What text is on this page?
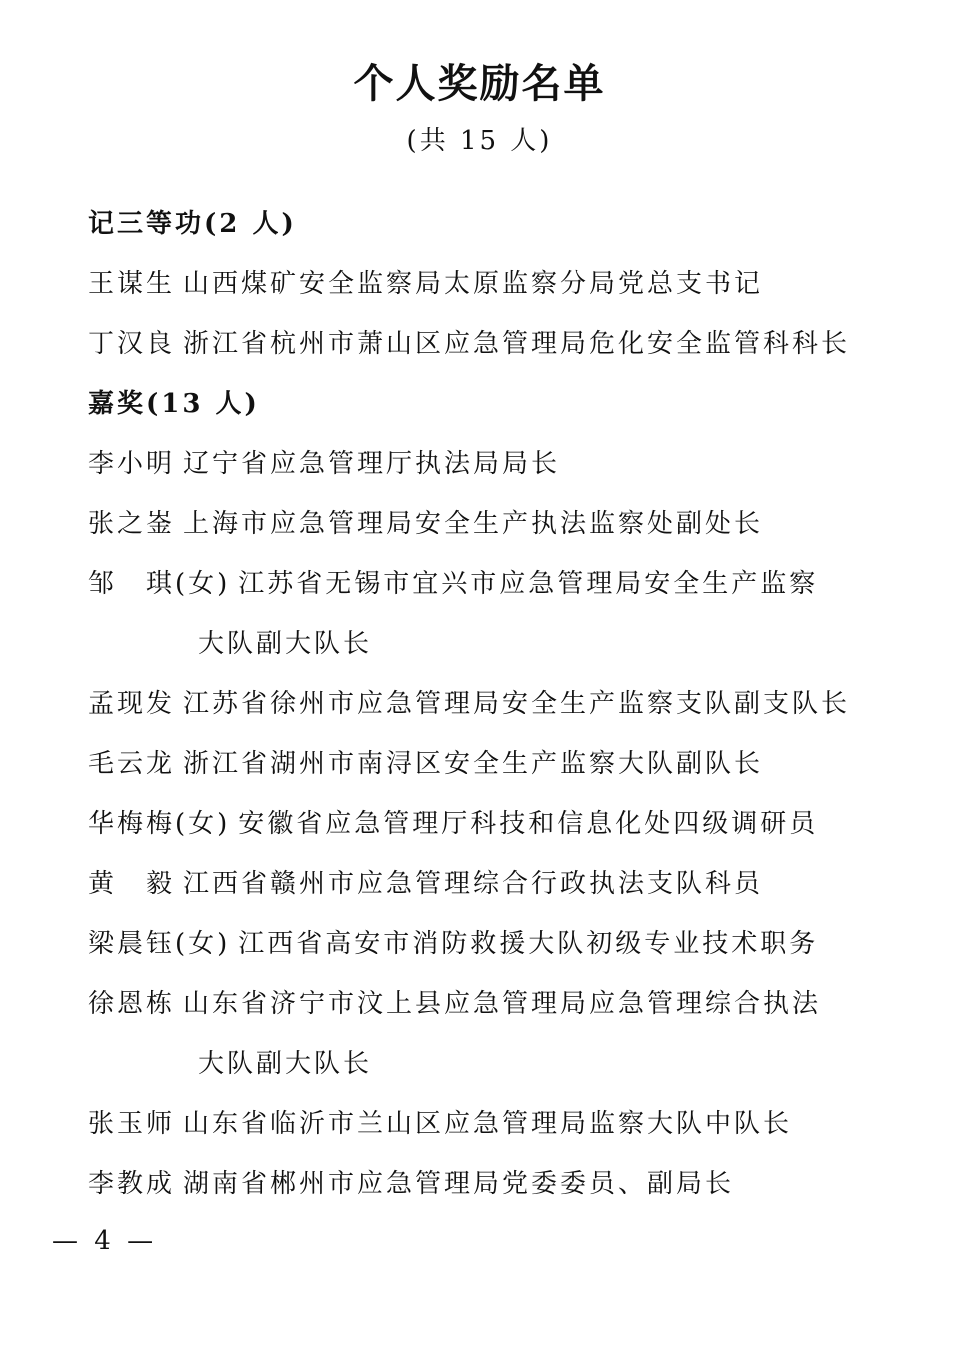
个人奖励名单
(共 15 人)
记三等功(2 人)
王谋生 山西煤矿安全监察局太原监察分局党总支书记
丁汉良 浙江省杭州市萧山区应急管理局危化安全监管科科长
嘉奖(13 人)
李小明 辽宁省应急管理厅执法局局长
张之崟 上海市应急管理局安全生产执法监察处副处长
邹　琪(女) 江苏省无锡市宜兴市应急管理局安全生产监察
大队副大队长
孟现发 江苏省徐州市应急管理局安全生产监察支队副支队长
毛云龙 浙江省湖州市南浔区安全生产监察大队副队长
华梅梅(女) 安徽省应急管理厅科技和信息化处四级调研员
黄　毅 江西省赣州市应急管理综合行政执法支队科员
梁晨钰(女) 江西省高安市消防救援大队初级专业技术职务
徐恩栋 山东省济宁市汶上县应急管理局应急管理综合执法
大队副大队长
张玉师 山东省临沂市兰山区应急管理局监察大队中队长
李教成 湖南省郴州市应急管理局党委委员、副局长
— 4 —
